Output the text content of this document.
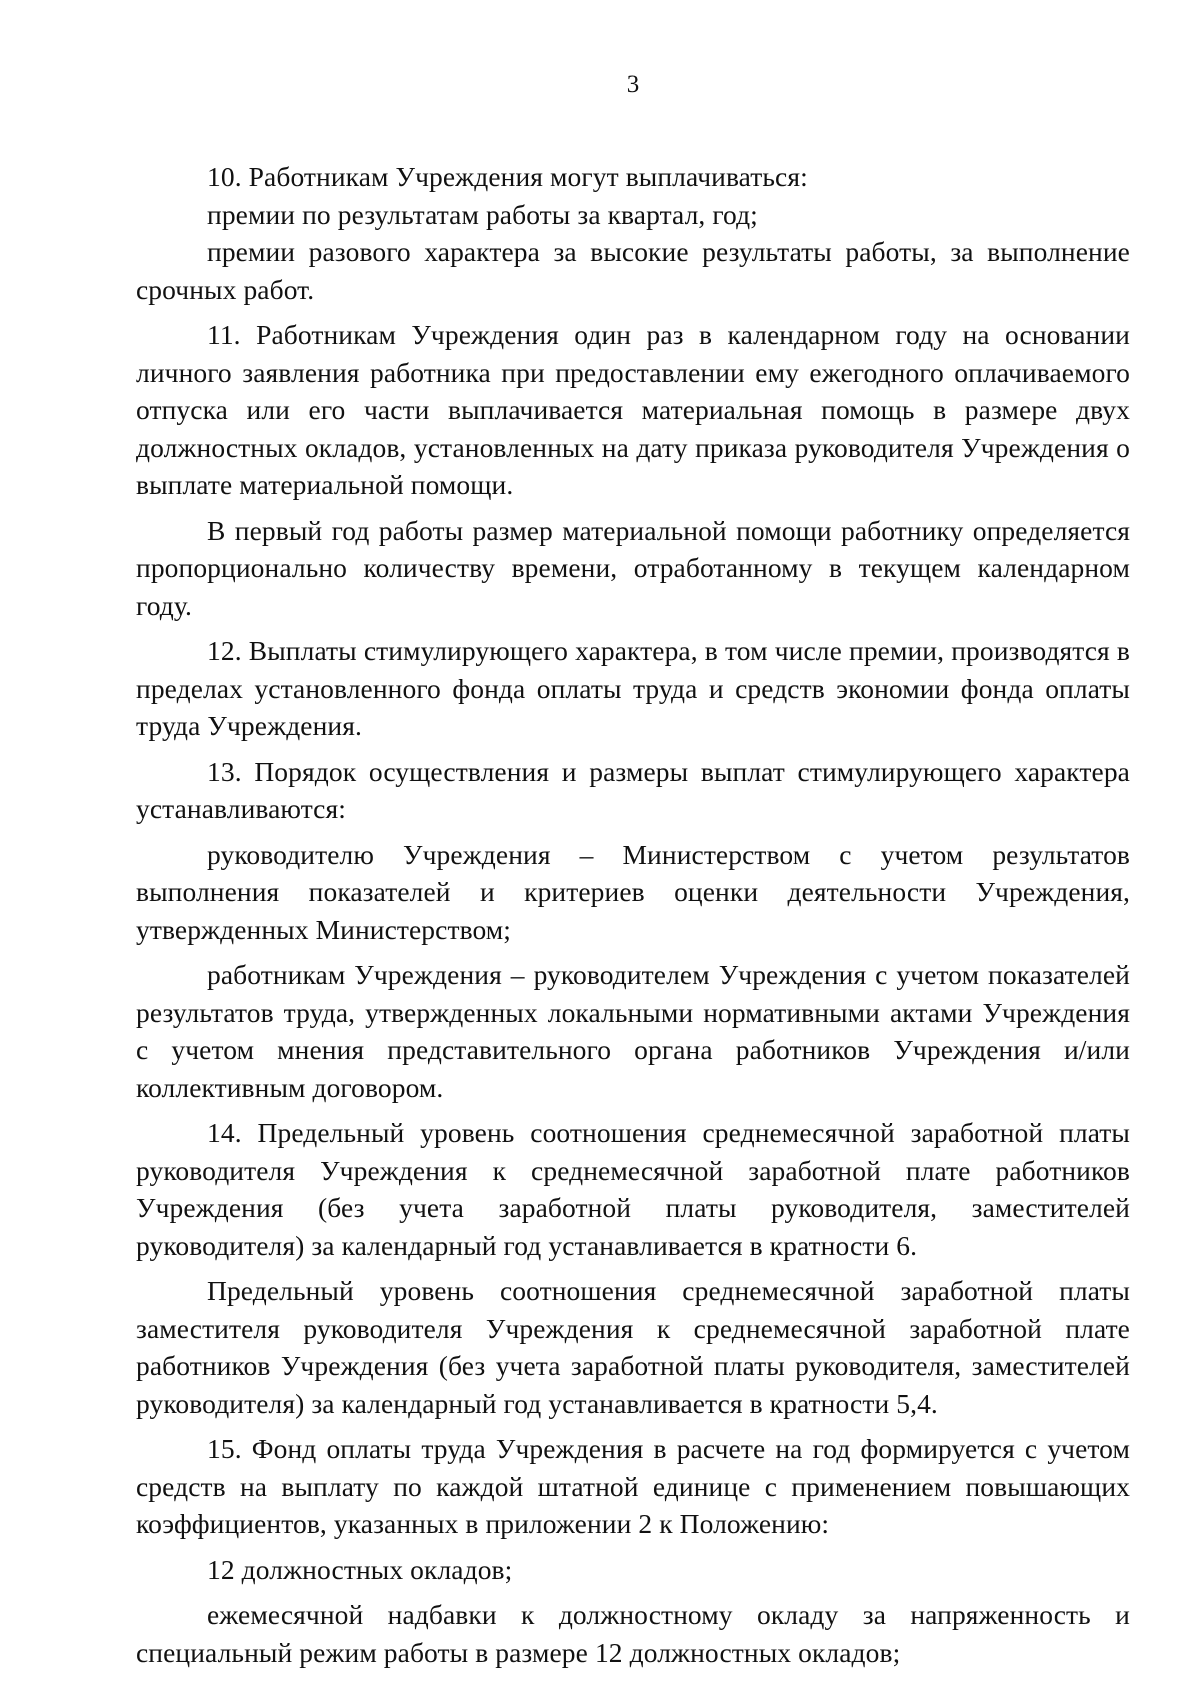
3

10. Работникам Учреждения могут выплачиваться:

премии по результатам работы за квартал, год;

премии разового характера за высокие результаты работы, за выполнение срочных работ.

11. Работникам Учреждения один раз в календарном году на основании личного заявления работника при предоставлении ему ежегодного оплачиваемого отпуска или его части выплачивается материальная помощь в размере двух должностных окладов, установленных на дату приказа руководителя Учреждения о выплате материальной помощи.

В первый год работы размер материальной помощи работнику определяется пропорционально количеству времени, отработанному в текущем календарном году.

12. Выплаты стимулирующего характера, в том числе премии, производятся в пределах установленного фонда оплаты труда и средств экономии фонда оплаты труда Учреждения.

13. Порядок осуществления и размеры выплат стимулирующего характера устанавливаются:

руководителю Учреждения – Министерством с учетом результатов выполнения показателей и критериев оценки деятельности Учреждения, утвержденных Министерством;

работникам Учреждения – руководителем Учреждения с учетом показателей результатов труда, утвержденных локальными нормативными актами Учреждения с учетом мнения представительного органа работников Учреждения и/или коллективным договором.

14. Предельный уровень соотношения среднемесячной заработной платы руководителя Учреждения к среднемесячной заработной плате работников Учреждения (без учета заработной платы руководителя, заместителей руководителя) за календарный год устанавливается в кратности 6.

Предельный уровень соотношения среднемесячной заработной платы заместителя руководителя Учреждения к среднемесячной заработной плате работников Учреждения (без учета заработной платы руководителя, заместителей руководителя) за календарный год устанавливается в кратности 5,4.

15. Фонд оплаты труда Учреждения в расчете на год формируется с учетом средств на выплату по каждой штатной единице с применением повышающих коэффициентов, указанных в приложении 2 к Положению:

12 должностных окладов;

ежемесячной надбавки к должностному окладу за напряженность и специальный режим работы в размере 12 должностных окладов;
